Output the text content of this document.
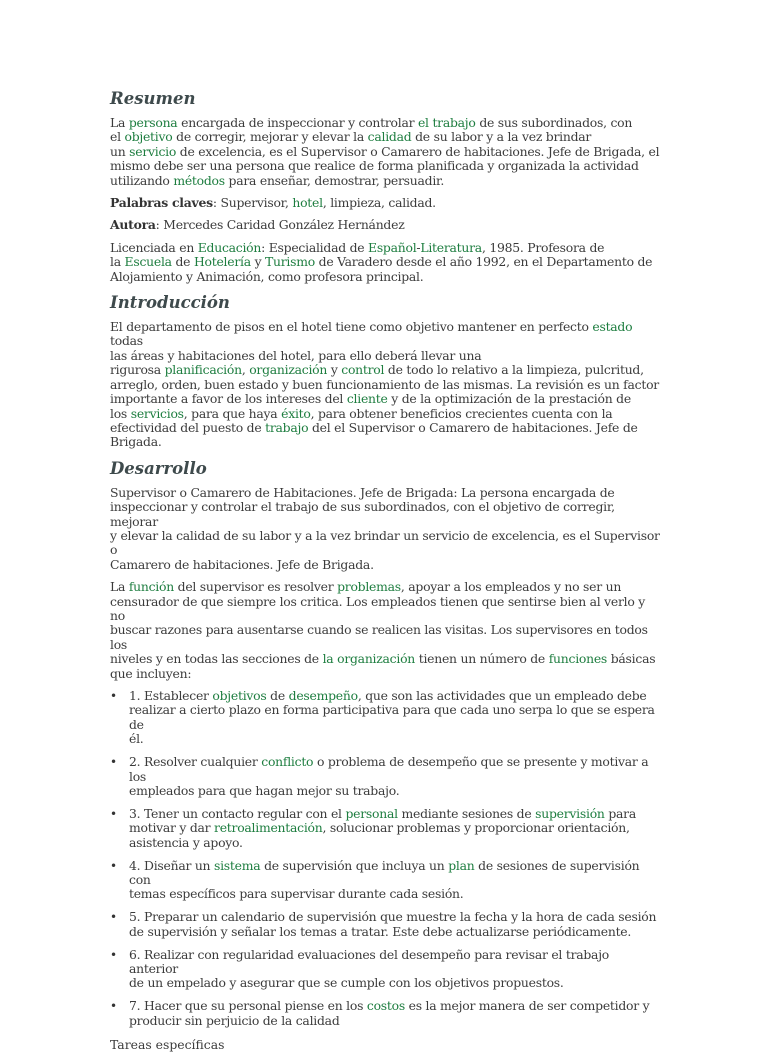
Resumen

La persona encargada de inspeccionar y controlar el trabajo de sus subordinados, con
el objetivo de corregir, mejorar y elevar la calidad de su labor y a la vez brindar
un servicio de excelencia, es el Supervisor o Camarero de habitaciones. Jefe de Brigada, el
mismo debe ser una persona que realice de forma planificada y organizada la actividad
utilizando métodos para enseñar, demostrar, persuadir.

Palabras claves: Supervisor, hotel, limpieza, calidad.

Autora: Mercedes Caridad González Hernández

Licenciada en Educación: Especialidad de Español-Literatura, 1985. Profesora de
la Escuela de Hotelería y Turismo de Varadero desde el año 1992, en el Departamento de
Alojamiento y Animación, como profesora principal.

Introducción

El departamento de pisos en el hotel tiene como objetivo mantener en perfecto estado todas
las áreas y habitaciones del hotel, para ello deberá llevar una
rigurosa planificación, organización y control de todo lo relativo a la limpieza, pulcritud,
arreglo, orden, buen estado y buen funcionamiento de las mismas. La revisión es un factor
importante a favor de los intereses del cliente y de la optimización de la prestación de
los servicios, para que haya éxito, para obtener beneficios crecientes cuenta con la
efectividad del puesto de trabajo del el Supervisor o Camarero de habitaciones. Jefe de
Brigada.

Desarrollo

Supervisor o Camarero de Habitaciones. Jefe de Brigada: La persona encargada de
inspeccionar y controlar el trabajo de sus subordinados, con el objetivo de corregir, mejorar
y elevar la calidad de su labor y a la vez brindar un servicio de excelencia, es el Supervisor o
Camarero de habitaciones. Jefe de Brigada.

La función del supervisor es resolver problemas, apoyar a los empleados y no ser un
censurador de que siempre los critica. Los empleados tienen que sentirse bien al verlo y no
buscar razones para ausentarse cuando se realicen las visitas. Los supervisores en todos los
niveles y en todas las secciones de la organización tienen un número de funciones básicas
que incluyen:

• 1. Establecer objetivos de desempeño, que son las actividades que un empleado debe
realizar a cierto plazo en forma participativa para que cada uno serpa lo que se espera de
él.
• 2. Resolver cualquier conflicto o problema de desempeño que se presente y motivar a los
empleados para que hagan mejor su trabajo.
• 3. Tener un contacto regular con el personal mediante sesiones de supervisión para
motivar y dar retroalimentación, solucionar problemas y proporcionar orientación,
asistencia y apoyo.
• 4. Diseñar un sistema de supervisión que incluya un plan de sesiones de supervisión con
temas específicos para supervisar durante cada sesión.
• 5. Preparar un calendario de supervisión que muestre la fecha y la hora de cada sesión
de supervisión y señalar los temas a tratar. Este debe actualizarse periódicamente.
• 6. Realizar con regularidad evaluaciones del desempeño para revisar el trabajo anterior
de un empelado y asegurar que se cumple con los objetivos propuestos.
• 7. Hacer que su personal piense en los costos es la mejor manera de ser competidor y
producir sin perjuicio de la calidad
Tareas específicas
